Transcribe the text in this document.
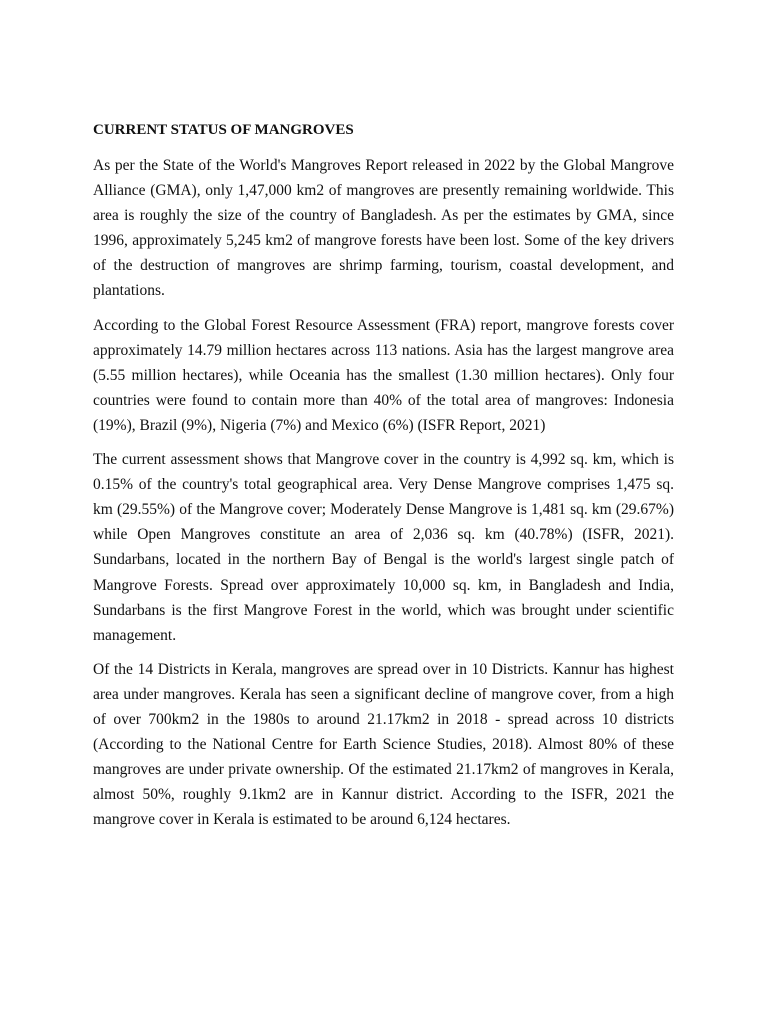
CURRENT STATUS OF MANGROVES

As per the State of the World's Mangroves Report released in 2022 by the Global Mangrove Alliance (GMA), only 1,47,000 km2 of mangroves are presently remaining worldwide. This area is roughly the size of the country of Bangladesh. As per the estimates by GMA, since 1996, approximately 5,245 km2 of mangrove forests have been lost. Some of the key drivers of the destruction of mangroves are shrimp farming, tourism, coastal development, and plantations.

According to the Global Forest Resource Assessment (FRA) report, mangrove forests cover approximately 14.79 million hectares across 113 nations. Asia has the largest mangrove area (5.55 million hectares), while Oceania has the smallest (1.30 million hectares). Only four countries were found to contain more than 40% of the total area of mangroves: Indonesia (19%), Brazil (9%), Nigeria (7%) and Mexico (6%) (ISFR Report, 2021)

The current assessment shows that Mangrove cover in the country is 4,992 sq. km, which is 0.15% of the country's total geographical area. Very Dense Mangrove comprises 1,475 sq. km (29.55%) of the Mangrove cover; Moderately Dense Mangrove is 1,481 sq. km (29.67%) while Open Mangroves constitute an area of 2,036 sq. km (40.78%) (ISFR, 2021). Sundarbans, located in the northern Bay of Bengal is the world's largest single patch of Mangrove Forests. Spread over approximately 10,000 sq. km, in Bangladesh and India, Sundarbans is the first Mangrove Forest in the world, which was brought under scientific management.

Of the 14 Districts in Kerala, mangroves are spread over in 10 Districts. Kannur has highest area under mangroves. Kerala has seen a significant decline of mangrove cover, from a high of over 700km2 in the 1980s to around 21.17km2 in 2018 - spread across 10 districts (According to the National Centre for Earth Science Studies, 2018). Almost 80% of these mangroves are under private ownership. Of the estimated 21.17km2 of mangroves in Kerala, almost 50%, roughly 9.1km2 are in Kannur district. According to the ISFR, 2021 the mangrove cover in Kerala is estimated to be around 6,124 hectares.
